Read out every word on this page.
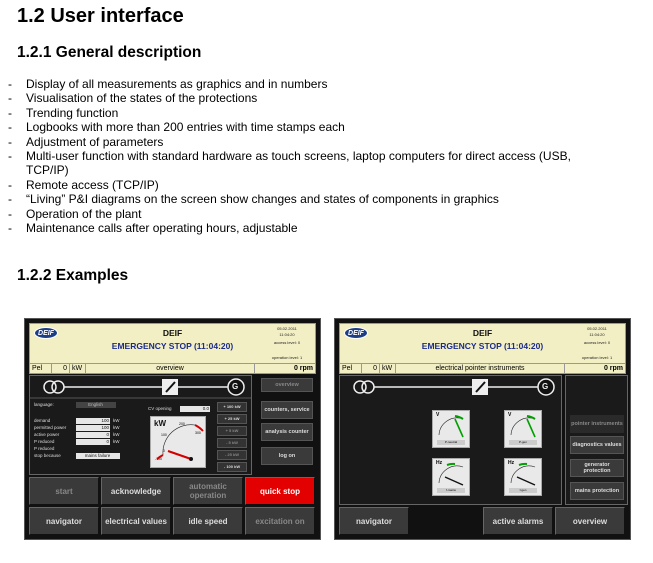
1.2 User interface
1.2.1 General description
-	Display of all measurements as graphics and in numbers
-	Visualisation of the states of the protections
-	Trending function
-	Logbooks with more than 200 entries with time stamps each
-	Adjustment of parameters
-	Multi-user function with standard hardware as touch screens, laptop computers for direct access (USB, TCP/IP)
-	Remote access (TCP/IP)
-	“Living” P&I diagrams on the screen show changes and states of components in graphics
-	Operation of the plant
-	Maintenance calls after operating hours, adjustable
1.2.2 Examples
DEIF	DEIF
EMERGENCY STOP (11:04:20)
05.02.2011
11:04:20
access level: 0
operation level: 1
Pel	0 kW	overview	0 rpm
G
language:	English
CV opening	0.0
demand	100 kW
permitted power	100 kW
active power	0 kW
P reduced	0 kW
P reduced
stop because	mains failure
kW
0
100
200
300
-100
+ 100 kW
+ 25 kW
+ 5 kW
- 5 kW
- 25 kW
- 100 kW
overview
counters, service
analysis counter
log on
start	acknowledge	automatic operation	quick stop
navigator	electrical values	idle speed	excitation on
DEIF	DEIF
EMERGENCY STOP (11:04:20)
05.02.2011
11:04:20
access level: 0
operation level: 1
Pel	0 kW	electrical pointer instruments	0 rpm
G
V
P-neutral
V
P-gen
Hz
f-mains
Hz
f-gen
pointer instruments
diagnostics values
generator protection
mains protection
navigator	active alarms	overview
